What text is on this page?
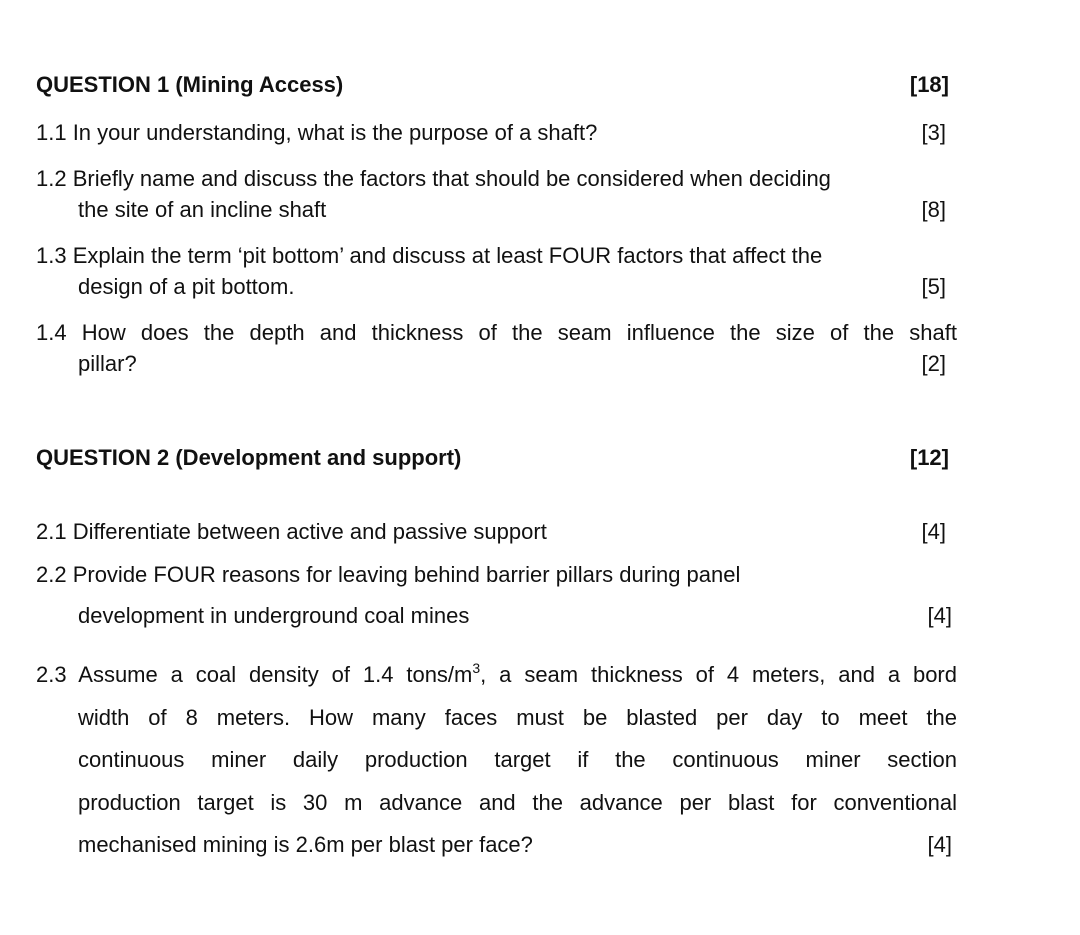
QUESTION 1 (Mining Access)	[18]
1.1 In your understanding, what is the purpose of a shaft?	[3]
1.2 Briefly name and discuss the factors that should be considered when deciding
the site of an incline shaft	[8]
1.3 Explain the term ‘pit bottom’ and discuss at least FOUR factors that affect the
design of a pit bottom.	[5]
1.4 How does the depth and thickness of the seam influence the size of the shaft
pillar?	[2]
QUESTION 2 (Development and support)	[12]
2.1 Differentiate between active and passive support	[4]
2.2 Provide FOUR reasons for leaving behind barrier pillars during panel
development in underground coal mines	[4]
2.3 Assume a coal density of 1.4 tons/$m^3$, a seam thickness of 4 meters, and a bord
width of 8 meters. How many faces must be blasted per day to meet the
continuous miner daily production target if the continuous miner section
production target is 30 m advance and the advance per blast for conventional
mechanised mining is 2.6m per blast per face?	[4]
